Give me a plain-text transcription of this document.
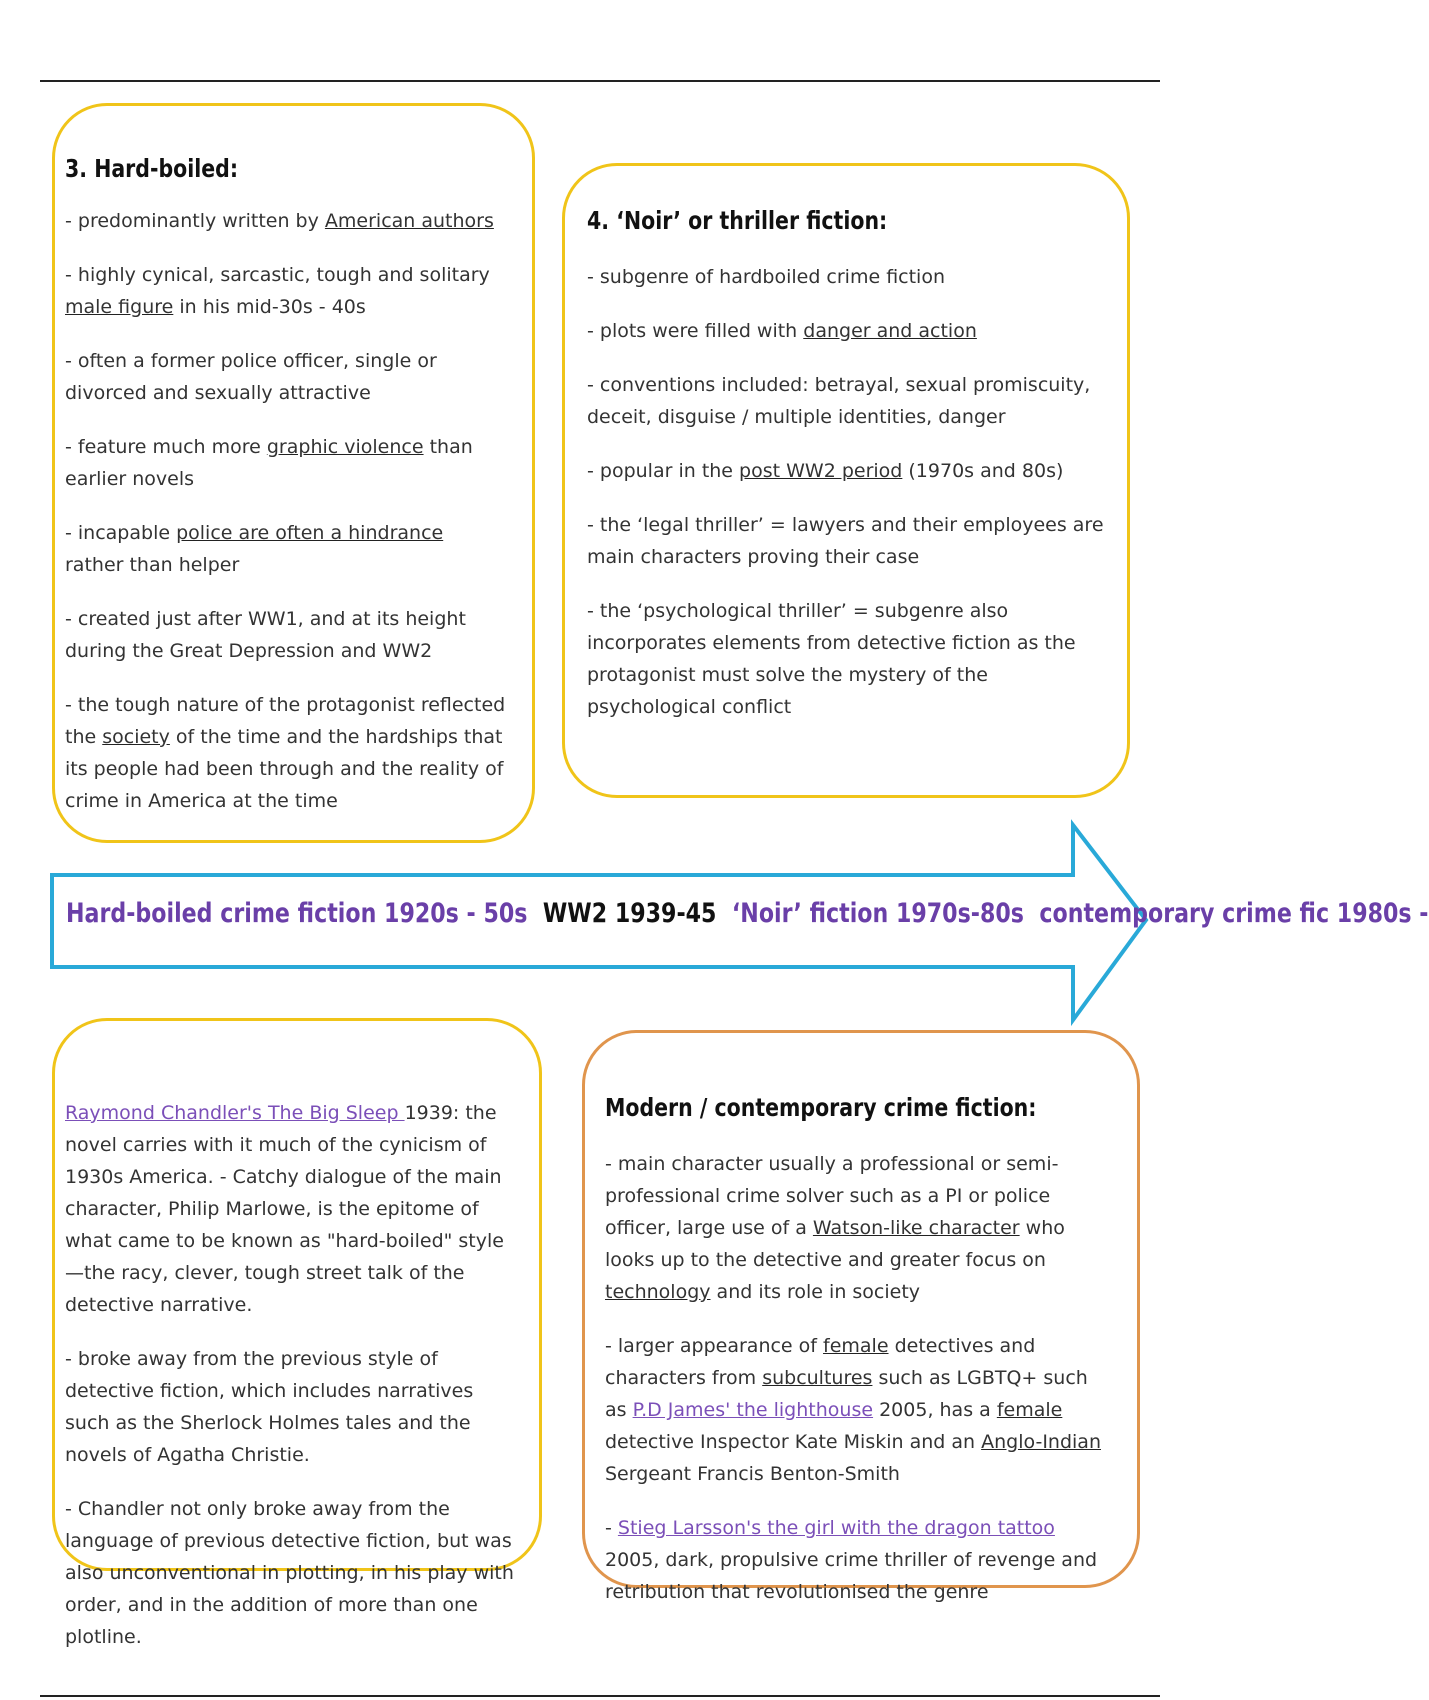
3. Hard-boiled:

- predominantly written by American authors

- highly cynical, sarcastic, tough and solitary male figure in his mid-30s - 40s

- often a former police officer, single or divorced and sexually attractive

- feature much more graphic violence than earlier novels

- incapable police are often a hindrance rather than helper

- created just after WW1, and at its height during the Great Depression and WW2

- the tough nature of the protagonist reflected the society of the time and the hardships that its people had been through and the reality of crime in America at the time

4. ‘Noir’ or thriller fiction:

- subgenre of hardboiled crime fiction

- plots were filled with danger and action

- conventions included: betrayal, sexual promiscuity, deceit, disguise / multiple identities, danger

- popular in the post WW2 period (1970s and 80s)

- the ‘legal thriller’ = lawyers and their employees are main characters proving their case

- the ‘psychological thriller’ = subgenre also incorporates elements from detective fiction as the protagonist must solve the mystery of the psychological conflict

Hard-boiled crime fiction 1920s - 50s WW2 1939-45 ‘Noir’ fiction 1970s-80s contemporary crime fic 1980s -

Raymond Chandler's The Big Sleep 1939: the novel carries with it much of the cynicism of 1930s America. - Catchy dialogue of the main character, Philip Marlowe, is the epitome of what came to be known as "hard-boiled" style—the racy, clever, tough street talk of the detective narrative.

- broke away from the previous style of detective fiction, which includes narratives such as the Sherlock Holmes tales and the novels of Agatha Christie.

- Chandler not only broke away from the language of previous detective fiction, but was also unconventional in plotting, in his play with order, and in the addition of more than one plotline.

Modern / contemporary crime fiction:

- main character usually a professional or semi-professional crime solver such as a PI or police officer, large use of a Watson-like character who looks up to the detective and greater focus on technology and its role in society

- larger appearance of female detectives and characters from subcultures such as LGBTQ+ such as P.D James' the lighthouse 2005, has a female detective Inspector Kate Miskin and an Anglo-Indian Sergeant Francis Benton-Smith

- Stieg Larsson's the girl with the dragon tattoo 2005, dark, propulsive crime thriller of revenge and retribution that revolutionised the genre
